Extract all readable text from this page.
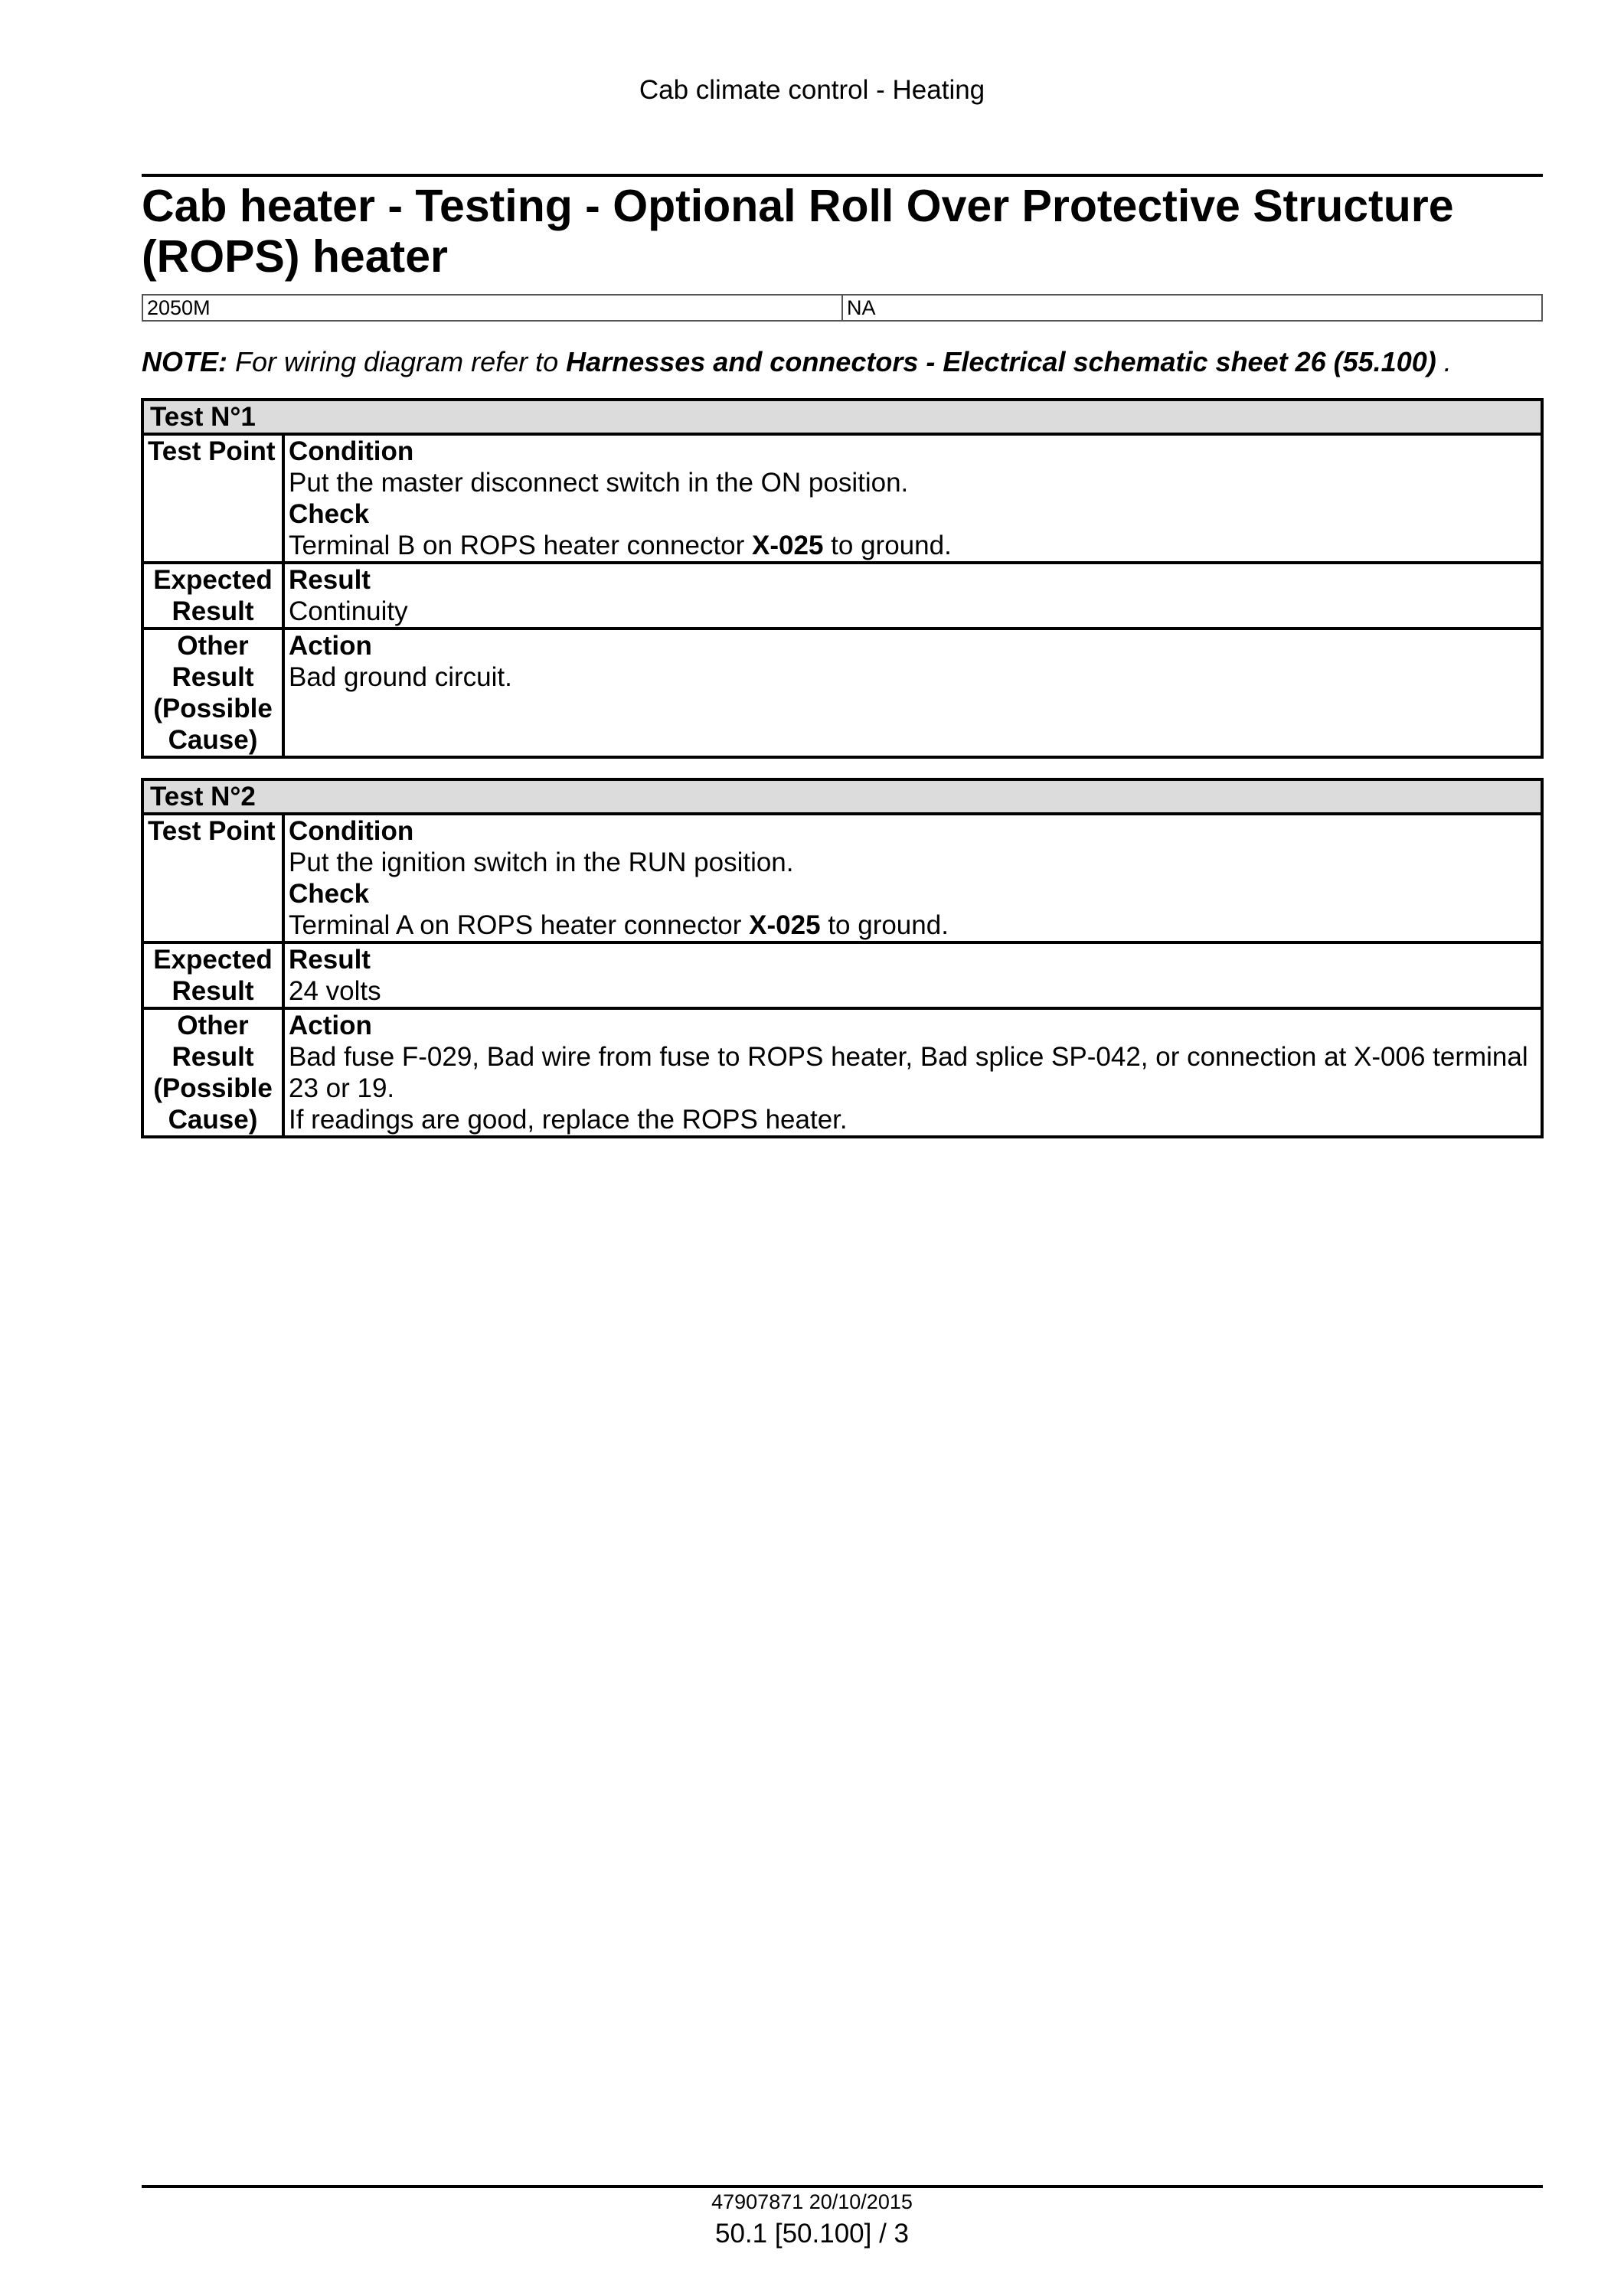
Cab climate control - Heating
Cab heater - Testing - Optional Roll Over Protective Structure (ROPS) heater
2050M	NA
NOTE: For wiring diagram refer to Harnesses and connectors - Electrical schematic sheet 26 (55.100) .
Test N°1	
Test Point	Condition
Put the master disconnect switch in the ON position.
Check
Terminal B on ROPS heater connector X-025 to ground.

Expected Result	Result
Continuity

Other Result (Possible Cause)	Action
Bad ground circuit.
Test N°2	
Test Point	Condition
Put the ignition switch in the RUN position.
Check
Terminal A on ROPS heater connector X-025 to ground.

Expected Result	Result
24 volts

Other Result (Possible Cause)	Action
Bad fuse F-029, Bad wire from fuse to ROPS heater, Bad splice SP-042, or connection at X-006 terminal 23 or 19.
If readings are good, replace the ROPS heater.
47907871 20/10/2015
50.1 [50.100] / 3
